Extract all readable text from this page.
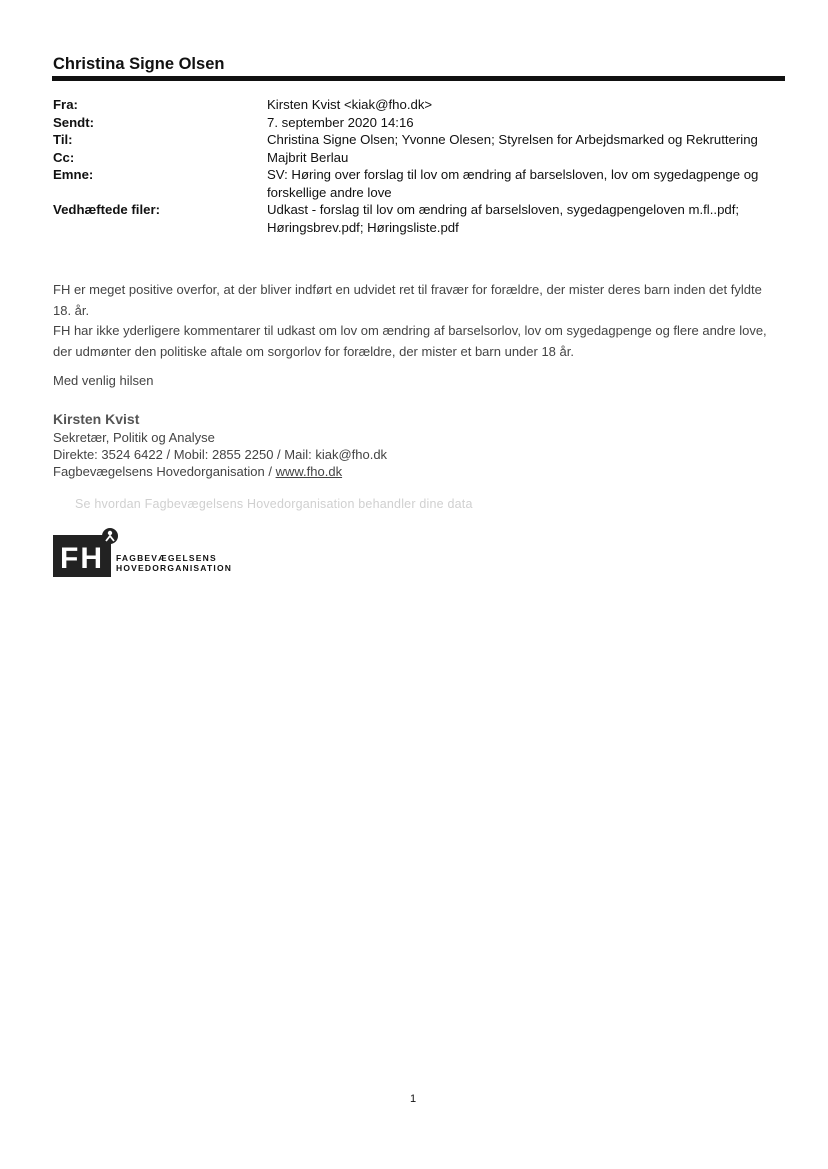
Christina Signe Olsen
Fra:	Kirsten Kvist <kiak@fho.dk>
Sendt:	7. september 2020 14:16
Til:	Christina Signe Olsen; Yvonne Olesen; Styrelsen for Arbejdsmarked og Rekruttering
Cc:	Majbrit Berlau
Emne:	SV: Høring over forslag til lov om ændring af barselsloven, lov om sygedagpenge og forskellige andre love
Vedhæftede filer:	Udkast - forslag til lov om ændring af barselsloven, sygedagpengeloven m.fl..pdf; Høringsbrev.pdf; Høringsliste.pdf

FH er meget positive overfor, at der bliver indført en udvidet ret til fravær for forældre, der mister deres barn inden det fyldte 18. år.

FH har ikke yderligere kommentarer til udkast om lov om ændring af barselsorlov, lov om sygedagpenge og flere andre love, der udmønter den politiske aftale om sorgorlov for forældre, der mister et barn under 18 år.

Med venlig hilsen
Kirsten Kvist
Sekretær, Politik og Analyse
Direkte: 3524 6422 / Mobil: 2855 2250 / Mail: kiak@fho.dk
Fagbevægelsens Hovedorganisation / www.fho.dk
Se hvordan Fagbevægelsens Hovedorganisation behandler dine data
FH FAGBEVÆGELSENS
HOVEDORGANISATION
1
